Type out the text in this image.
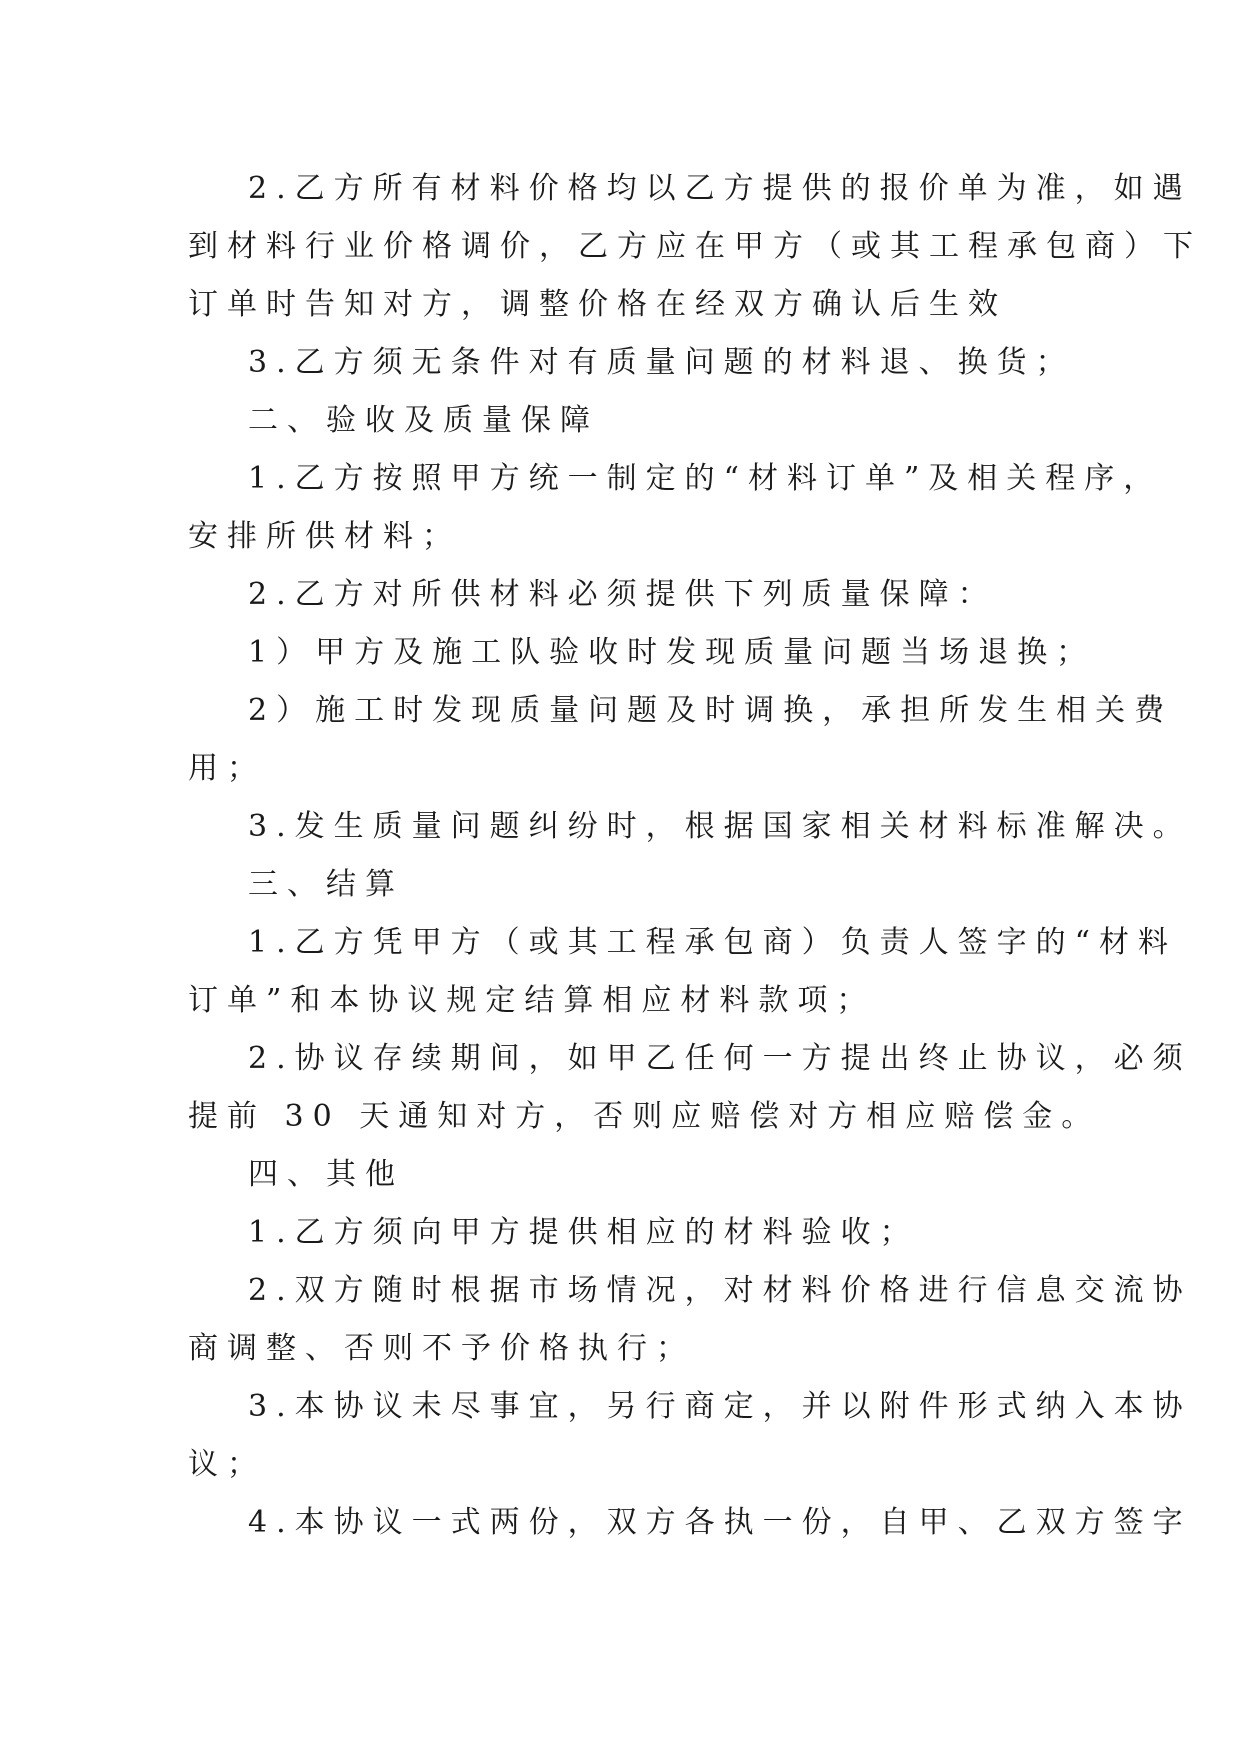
2.乙方所有材料价格均以乙方提供的报价单为准，如遇
到材料行业价格调价，乙方应在甲方（或其工程承包商）下
订单时告知对方，调整价格在经双方确认后生效
3.乙方须无条件对有质量问题的材料退、换货；
二、验收及质量保障
1.乙方按照甲方统一制定的“材料订单”及相关程序，
安排所供材料；
2.乙方对所供材料必须提供下列质量保障：
1）甲方及施工队验收时发现质量问题当场退换；
2）施工时发现质量问题及时调换，承担所发生相关费
用；
3.发生质量问题纠纷时，根据国家相关材料标准解决。
三、结算
1.乙方凭甲方（或其工程承包商）负责人签字的“材料
订单”和本协议规定结算相应材料款项；
2.协议存续期间，如甲乙任何一方提出终止协议，必须
提前 30 天通知对方，否则应赔偿对方相应赔偿金。
四、其他
1.乙方须向甲方提供相应的材料验收；
2.双方随时根据市场情况，对材料价格进行信息交流协
商调整、否则不予价格执行；
3.本协议未尽事宜，另行商定，并以附件形式纳入本协
议；
4.本协议一式两份，双方各执一份，自甲、乙双方签字
